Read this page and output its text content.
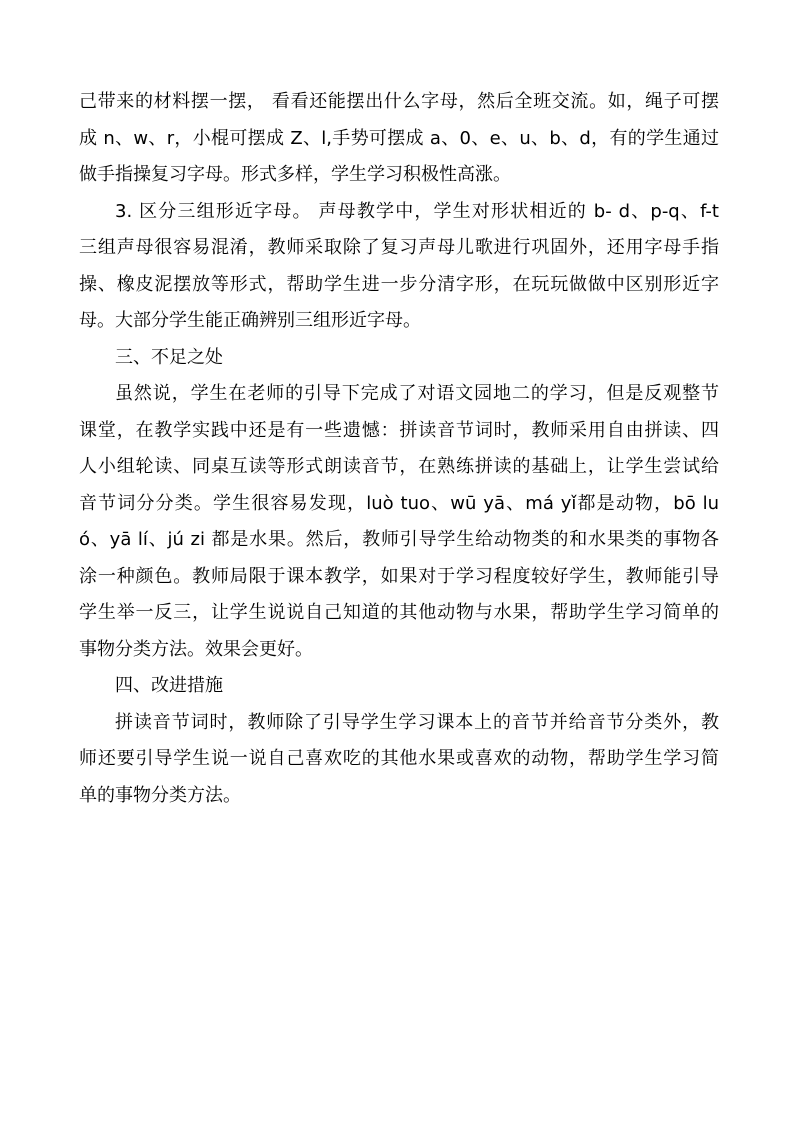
己带来的材料摆一摆， 看看还能摆出什么字母，然后全班交流。如，绳子可摆
成 n、w、r，小棍可摆成 Z、l,手势可摆成 a、0、e、u、b、d，有的学生通过
做手指操复习字母。形式多样，学生学习积极性高涨。
3. 区分三组形近字母。 声母教学中，学生对形状相近的 b- d、p-q、f-t
三组声母很容易混淆，教师采取除了复习声母儿歌进行巩固外，还用字母手指
操、橡皮泥摆放等形式，帮助学生进一步分清字形，在玩玩做做中区别形近字
母。大部分学生能正确辨别三组形近字母。
三、不足之处
虽然说，学生在老师的引导下完成了对语文园地二的学习，但是反观整节
课堂，在教学实践中还是有一些遗憾：拼读音节词时，教师采用自由拼读、四
人小组轮读、同桌互读等形式朗读音节，在熟练拼读的基础上，让学生尝试给
音节词分分类。学生很容易发现，luò tuo、wū yā、má yǐ都是动物，bō lu
ó、yā lí、jú zi 都是水果。然后，教师引导学生给动物类的和水果类的事物各
涂一种颜色。教师局限于课本教学，如果对于学习程度较好学生，教师能引导
学生举一反三，让学生说说自己知道的其他动物与水果，帮助学生学习简单的
事物分类方法。效果会更好。
四、改进措施
拼读音节词时，教师除了引导学生学习课本上的音节并给音节分类外，教
师还要引导学生说一说自己喜欢吃的其他水果或喜欢的动物，帮助学生学习简
单的事物分类方法。
